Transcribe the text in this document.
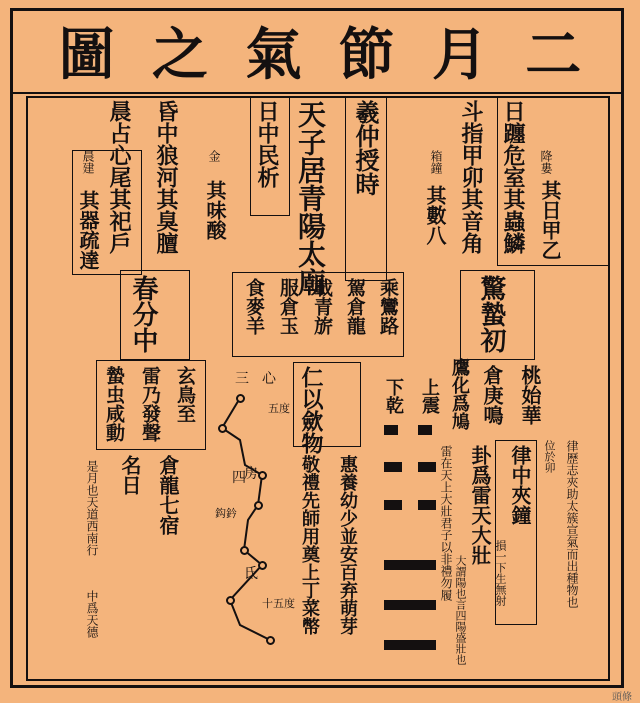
圖 之 氣 節 月 二
日躔危室其蟲鱗 降婁
其日甲乙
斗指甲卯其音角
箱鐘
其數八
羲仲授時
天子居青陽太廟
日中民析
昏中狼河其臭膻 金
其味酸
晨占心尾其祀戶
晨建
其器疏達
春分中	乘鸞路
駕倉龍
載青旂
服倉玉
食麥羊	驚蟄初
桃始華
倉庚鳴
鷹化爲鳩
上震
下乾
仁以歛物
玄鳥至
雷乃發聲
蟄虫咸動	三 心
五度
房
四
鈎鈐
氐
十五度 惠養幼少並安百弃萌芽
敬禮先師用奠上丁菜幣	雷在天上大壯君子以非禮勿履 卦爲雷天大壯
大謂陽也言四陽盛壯也
律中夾鐘
損一下生無射	律歷志夾助太簇宣氣而出種物也
位於卯
倉龍七宿
名日
是月也天道西南行
中爲天德
頭條
